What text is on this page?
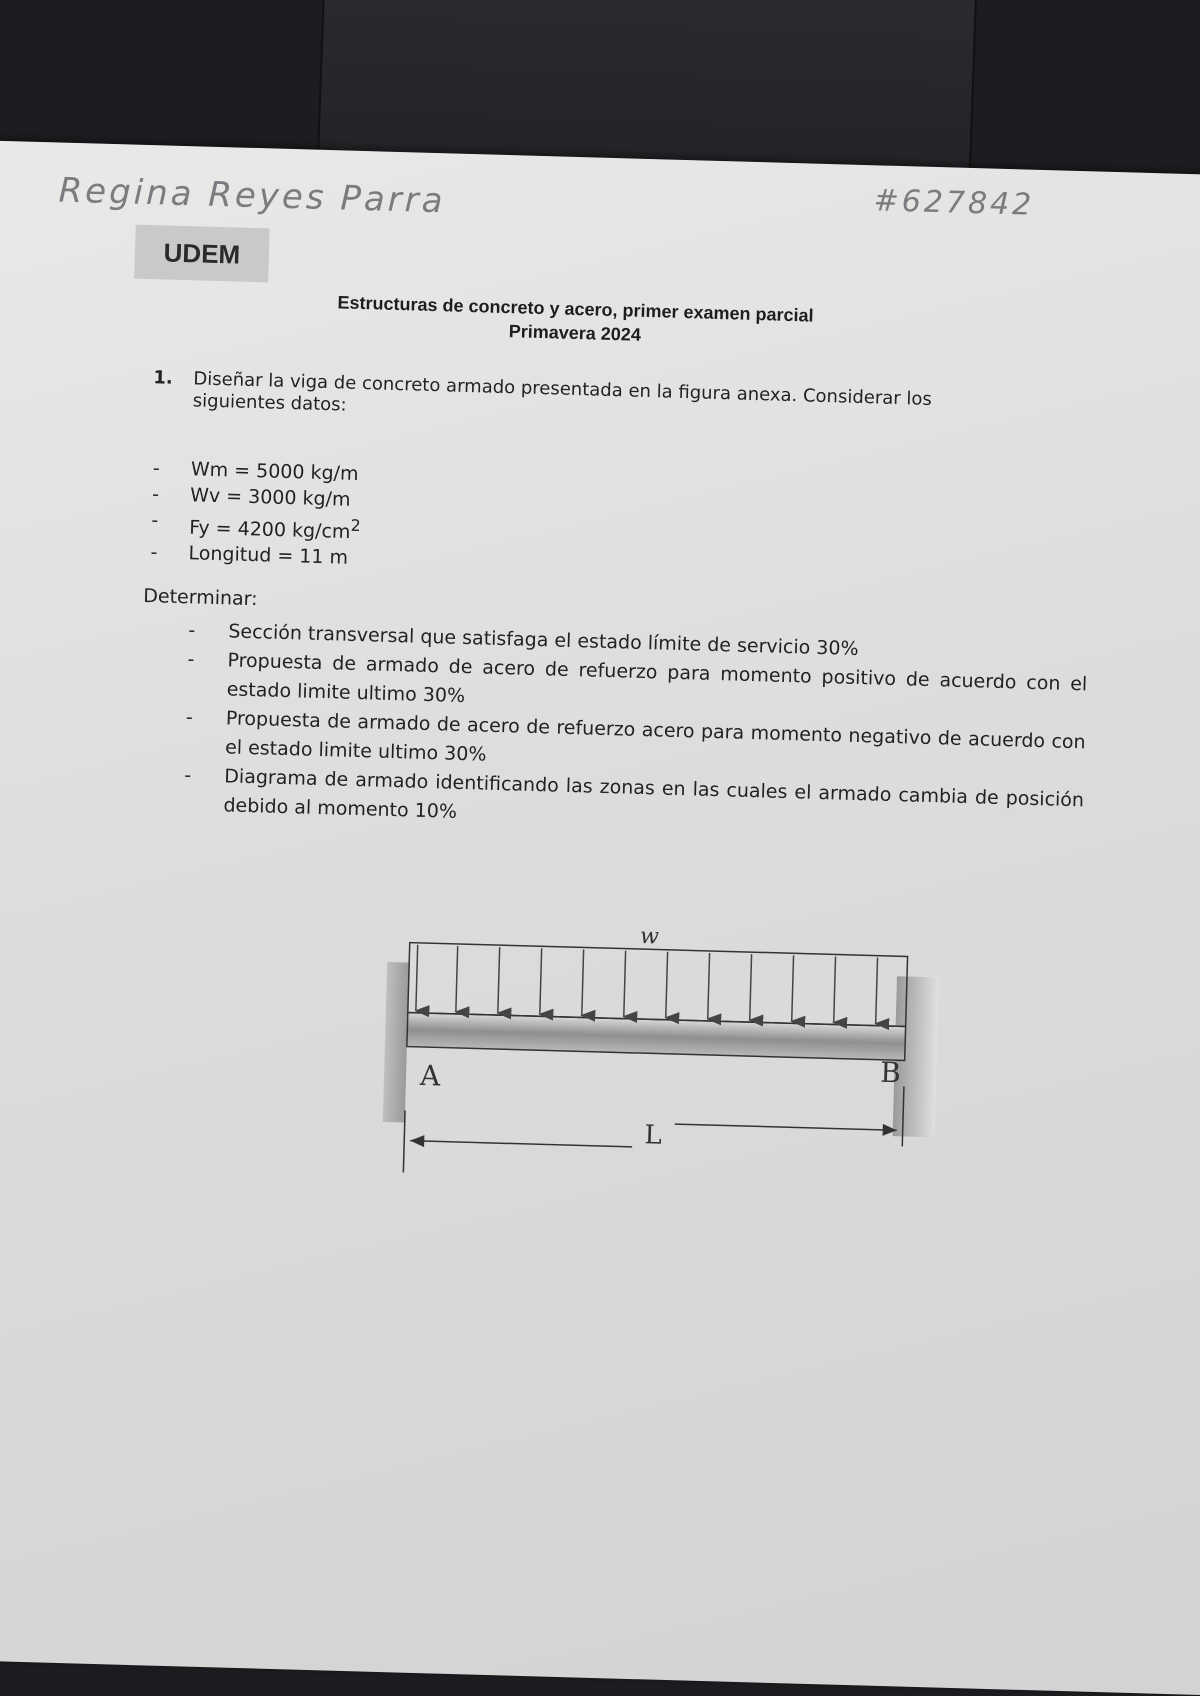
Regina Reyes Parra	#627842
UDEM
Estructuras de concreto y acero, primer examen parcial
Primavera 2024
1. Diseñar la viga de concreto armado presentada en la figura anexa. Considerar los siguientes datos:
- Wm = 5000 kg/m
- Wv = 3000 kg/m
- Fy = 4200 $kg/cm^2$
- Longitud = 11 m
Determinar:
- Sección transversal que satisfaga el estado límite de servicio 30%
- Propuesta de armado de acero de refuerzo para momento positivo de acuerdo con el estado limite ultimo 30%
- Propuesta de armado de acero de refuerzo acero para momento negativo de acuerdo con el estado limite ultimo 30%
- Diagrama de armado identificando las zonas en las cuales el armado cambia de posición debido al momento 10%
w
A	B
L
